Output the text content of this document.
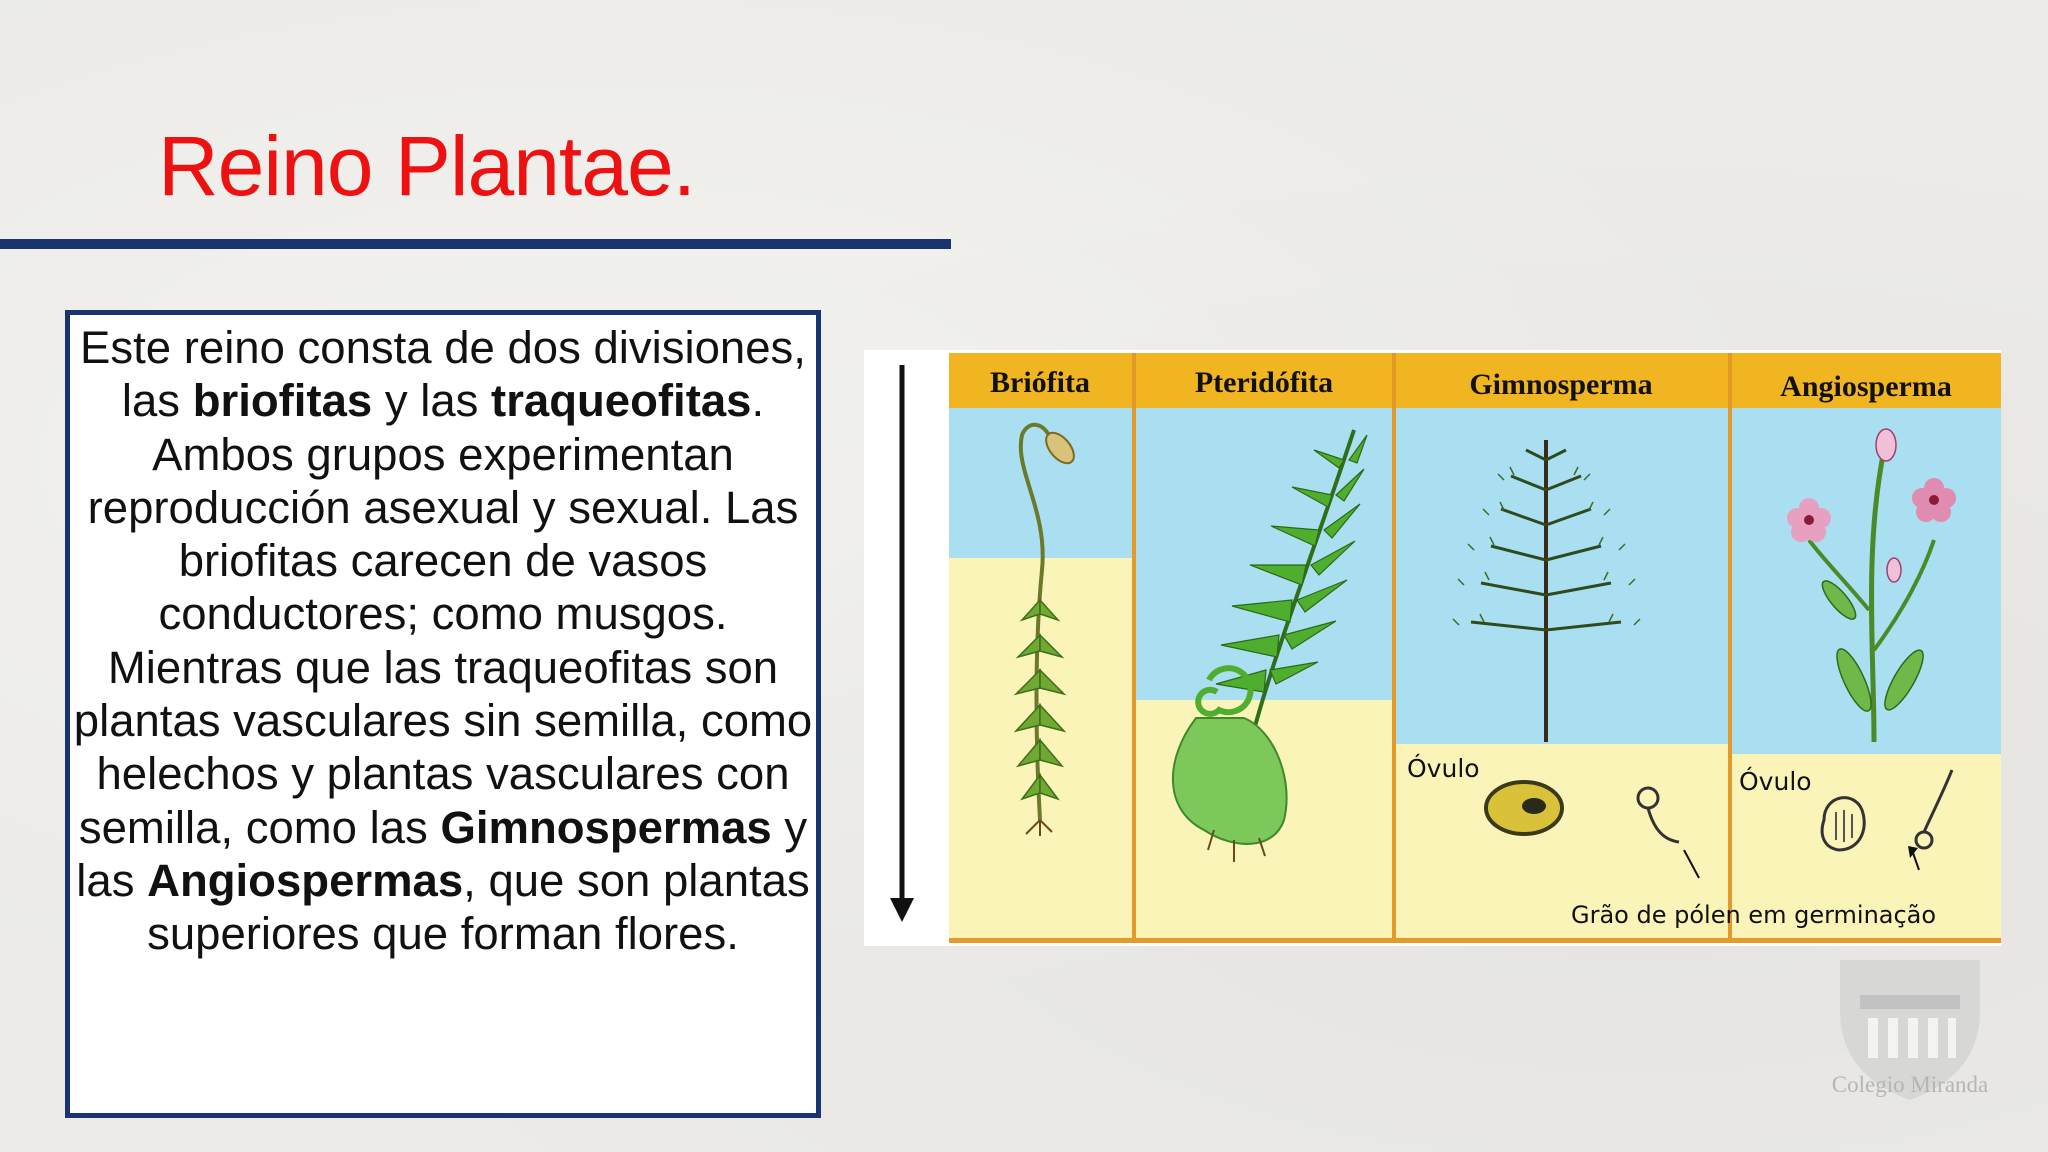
Reino Plantae.
Este reino consta de dos divisiones, las briofitas y las traqueofitas. Ambos grupos experimentan reproducción asexual y sexual. Las briofitas carecen de vasos conductores; como musgos. Mientras que las traqueofitas son plantas vasculares sin semilla, como helechos y plantas vasculares con semilla, como las Gimnospermas y las Angiospermas, que son plantas superiores que forman flores.
Briófita	Pteridófita	Gimnosperma	Angiosperma
Óvulo	Óvulo
Grão de pólen em germinação
Colegio Miranda
